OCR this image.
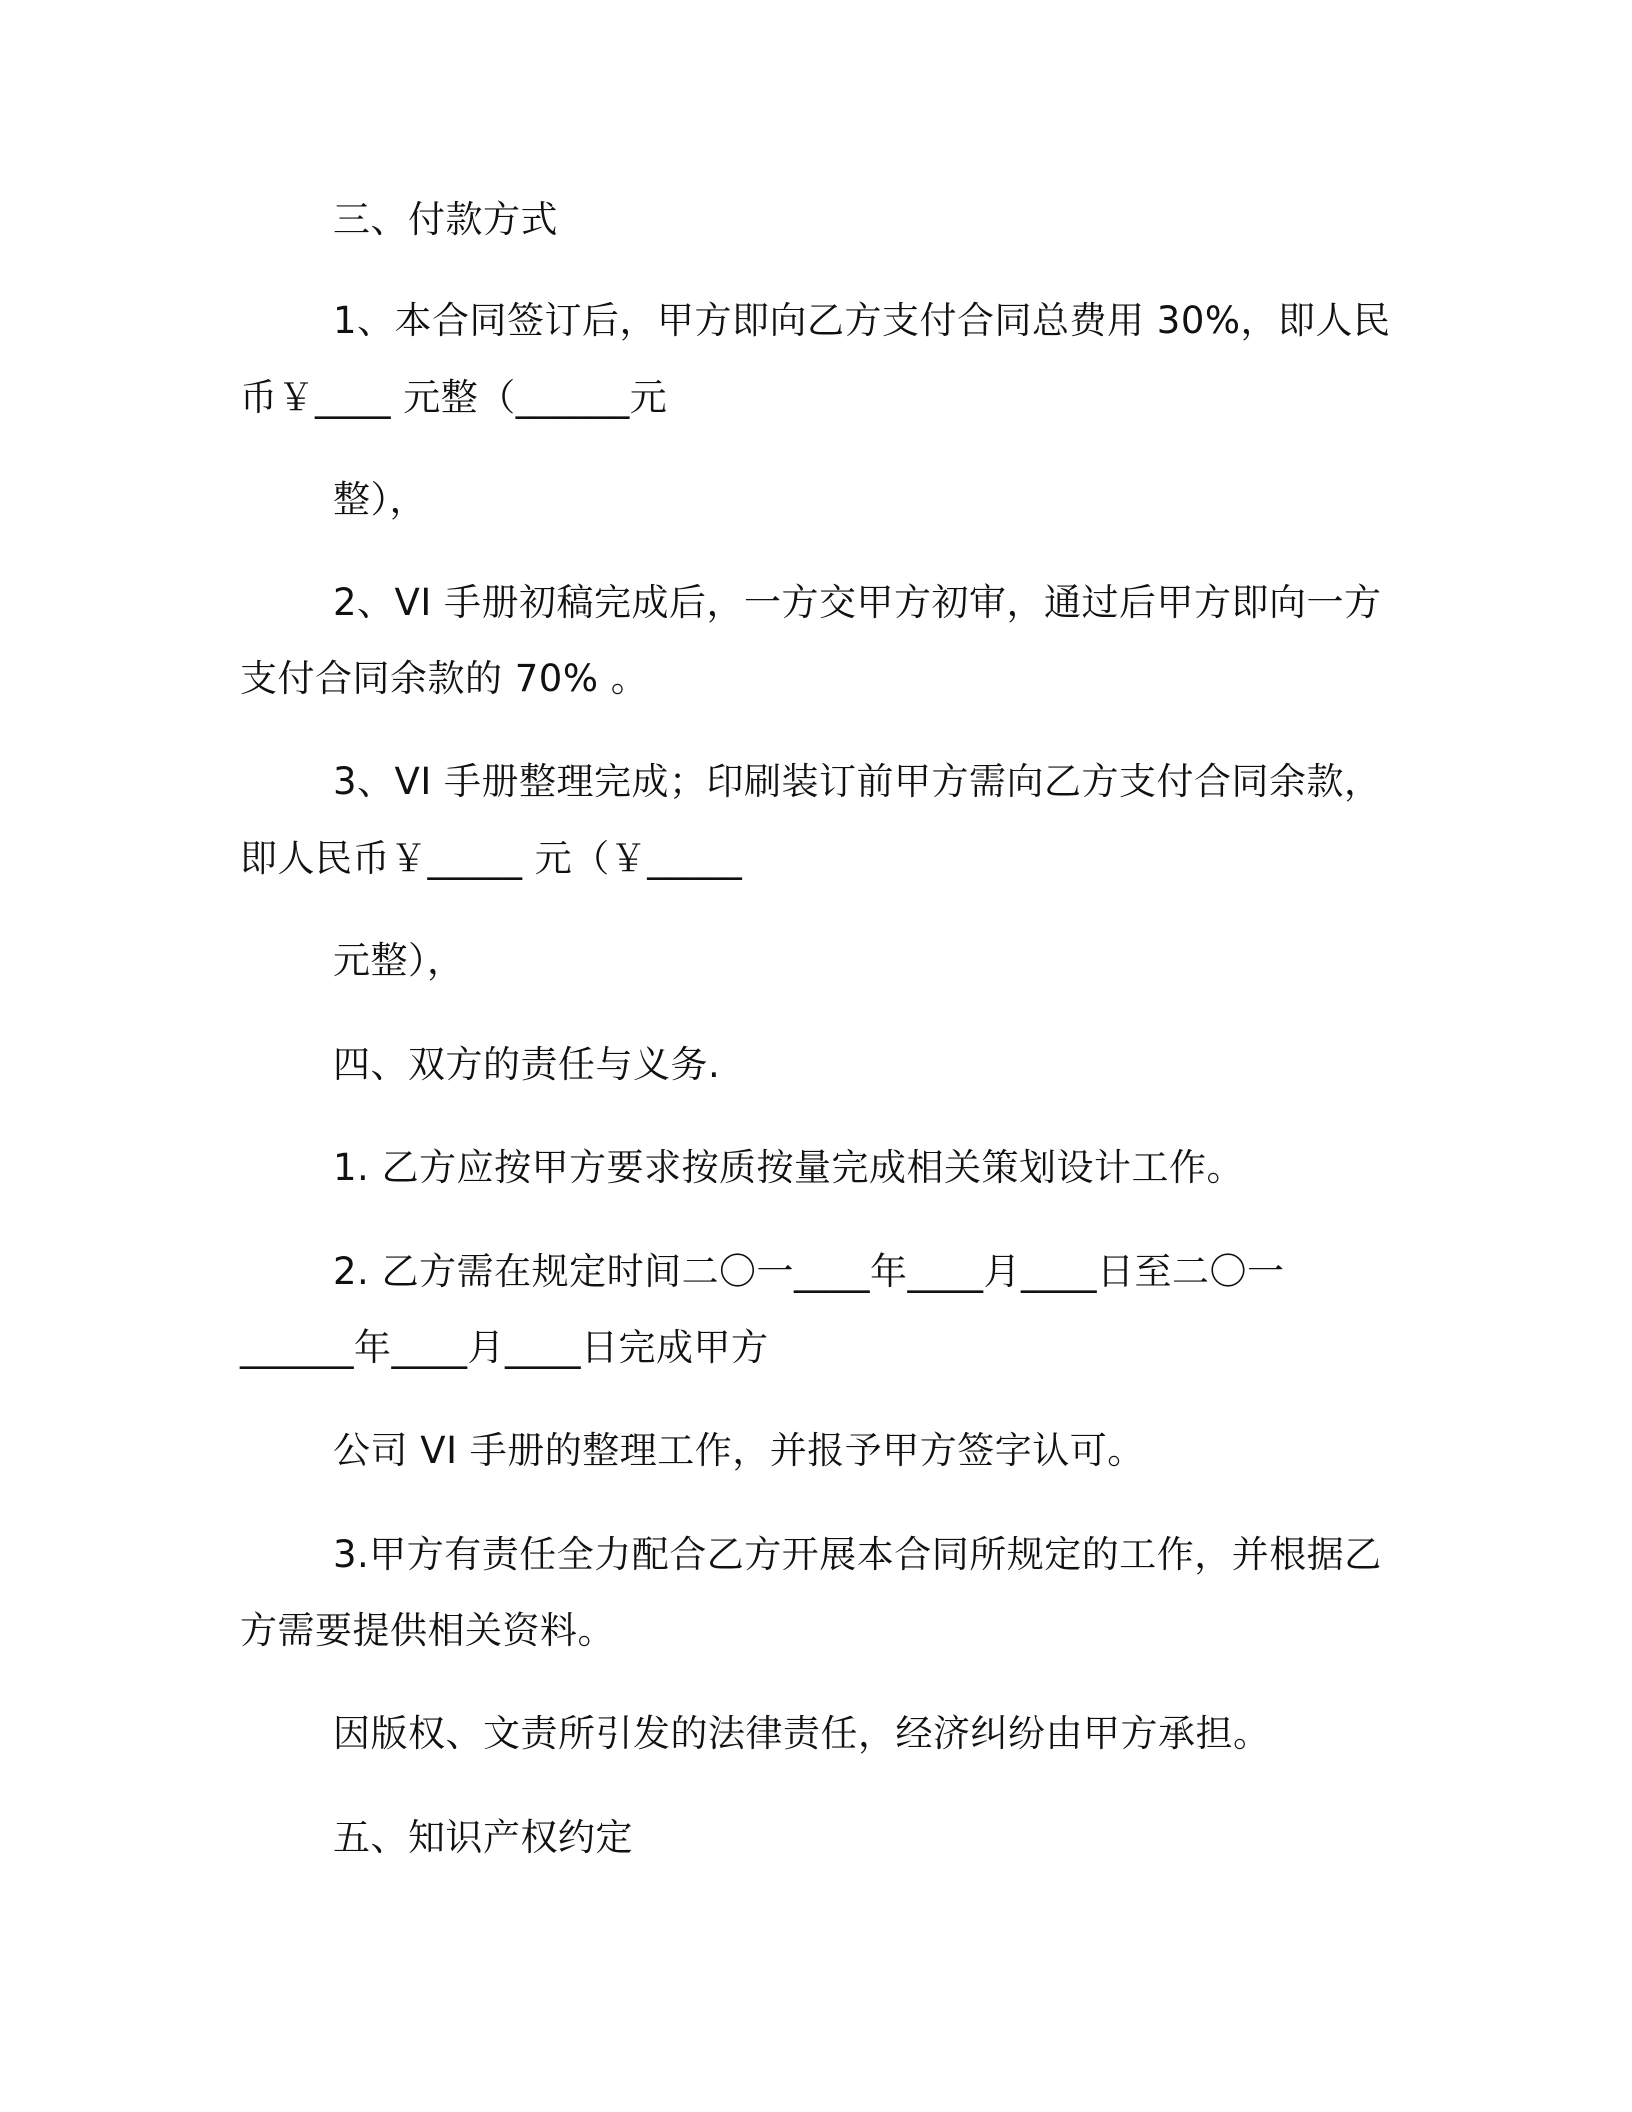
三、付款方式
1、本合同签订后，甲方即向乙方支付合同总费用 30%，即人民
币￥____ 元整（______元
整），
2、VI 手册初稿完成后，一方交甲方初审，通过后甲方即向一方
支付合同余款的 70% 。
3、VI 手册整理完成；印刷装订前甲方需向乙方支付合同余款，
即人民币￥_____ 元（￥_____
元整），
四、双方的责任与义务.
1. 乙方应按甲方要求按质按量完成相关策划设计工作。
2. 乙方需在规定时间二〇一____年____月____日至二〇一
______年____月____日完成甲方
公司 VI 手册的整理工作，并报予甲方签字认可。
3.甲方有责任全力配合乙方开展本合同所规定的工作，并根据乙
方需要提供相关资料。
因版权、文责所引发的法律责任，经济纠纷由甲方承担。
五、知识产权约定
